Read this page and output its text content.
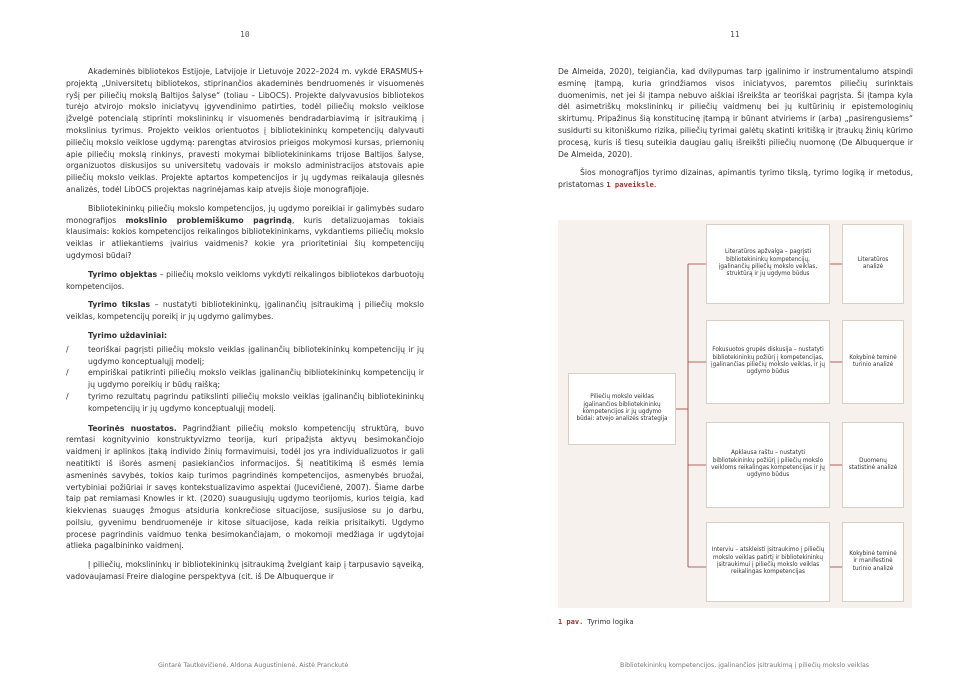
10

Akademinės bibliotekos Estijoje, Latvijoje ir Lietuvoje 2022–2024 m. vykdė ERASMUS+ projektą „Universitetų bibliotekos, stiprinančios akademinės bendruomenės ir visuomenės ryšį per piliečių mokslą Baltijos šalyse“ (toliau – LibOCS). Projekte dalyvavusios bibliotekos turėjo atvirojo mokslo iniciatyvų įgyvendinimo patirties, todėl piliečių mokslo veiklose įžvelgė potencialą stiprinti mokslininkų ir visuomenės bendradarbiavimą ir įsitraukimą į mokslinius tyrimus. Projekto veiklos orientuotos į bibliotekininkų kompetencijų dalyvauti piliečių mokslo veiklose ugdymą: parengtas atvirosios prieigos mokymosi kursas, priemonių apie piliečių mokslą rinkinys, pravesti mokymai bibliotekininkams trijose Baltijos šalyse, organizuotos diskusijos su universitetų vadovais ir mokslo administracijos atstovais apie piliečių mokslo veiklas. Projekte aptartos kompetencijos ir jų ugdymas reikalauja gilesnės analizės, todėl LibOCS projektas nagrinėjamas kaip atvejis šioje monografijoje.

Bibliotekininkų piliečių mokslo kompetencijos, jų ugdymo poreikiai ir galimybės sudaro monografijos mokslinio problemiškumo pagrindą, kuris detalizuojamas tokiais klausimais: kokios kompetencijos reikalingos bibliotekininkams, vykdantiems piliečių mokslo veiklas ir atliekantiems įvairius vaidmenis? kokie yra prioritetiniai šių kompetencijų ugdymosi būdai?

Tyrimo objektas – piliečių mokslo veikloms vykdyti reikalingos bibliotekos darbuotojų kompetencijos.

Tyrimo tikslas – nustatyti bibliotekininkų, įgalinančių įsitraukimą į piliečių mokslo veiklas, kompetencijų poreikį ir jų ugdymo galimybes.

Tyrimo uždaviniai:

/	teoriškai pagrįsti piliečių mokslo veiklas įgalinančių bibliotekininkų kompetencijų ir jų ugdymo konceptualųjį modelį;
/	empiriškai patikrinti piliečių mokslo veiklas įgalinančių bibliotekininkų kompetencijų ir jų ugdymo poreikių ir būdų raišką;
/	tyrimo rezultatų pagrindu patikslinti piliečių mokslo veiklas įgalinančių bibliotekininkų kompetencijų ir jų ugdymo konceptualųjį modelį.

Teorinės nuostatos. Pagrindžiant piliečių mokslo kompetencijų struktūrą, buvo remtasi kognityvinio konstruktyvizmo teorija, kuri pripažįsta aktyvų besimokančiojo vaidmenį ir aplinkos įtaką individo žinių formavimuisi, todėl jos yra individualizuotos ir gali neatitikti iš išorės asmenį pasiekiančios informacijos. Šį neatitikimą iš esmės lemia asmeninės savybės, tokios kaip turimos pagrindinės kompetencijos, asmenybės bruožai, vertybiniai požiūriai ir savęs kontekstualizavimo aspektai (Jucevičienė, 2007). Šiame darbe taip pat remiamasi Knowles ir kt. (2020) suaugusiųjų ugdymo teorijomis, kurios teigia, kad kiekvienas suaugęs žmogus atsiduria konkrečiose situacijose, susijusiose su jo darbu, poilsiu, gyvenimu bendruomenėje ir kitose situacijose, kada reikia prisitaikyti. Ugdymo procese pagrindinis vaidmuo tenka besimokančiajam, o mokomoji medžiaga ir ugdytojai atlieka pagalbininko vaidmenį.

Į piliečių, mokslininkų ir bibliotekininkų įsitraukimą žvelgiant kaip į tarpusavio sąveiką, vadovaujamasi Freire dialogine perspektyva (cit. iš De Albuquerque ir

Gintarė Tautkevičienė, Aldona Augustinienė, Aistė Pranckutė
11

De Almeida, 2020), teigiančia, kad dvilypumas tarp įgalinimo ir instrumentalumo atspindi esminę įtampą, kuria grindžiamos visos iniciatyvos, paremtos piliečių surinktais duomenimis, net jei ši įtampa nebuvo aiškiai išreikšta ar teoriškai pagrįsta. Ši įtampa kyla dėl asimetriškų mokslininkų ir piliečių vaidmenų bei jų kultūrinių ir epistemologinių skirtumų. Pripažinus šią konstitucinę įtampą ir būnant atviriems ir (arba) „pasirengusiems“ susidurti su kitoniškumo rizika, piliečių tyrimai galėtų skatinti kritišką ir įtraukų žinių kūrimo procesą, kuris iš tiesų suteikia daugiau galių išreikšti piliečių nuomonę (De Albuquerque ir De Almeida, 2020).

Šios monografijos tyrimo dizainas, apimantis tyrimo tikslą, tyrimo logiką ir metodus, pristatomas 1 paveiksle.

Bibliotekininkų kompetencijos, įgalinančios įsitraukimą į piliečių mokslo veiklas
Piliečių mokslo veiklas įgalinančios bibliotekininkų kompetencijos ir jų ugdymo būdai: atvejo analizės strategija
Literatūros apžvalga – pagrįsti bibliotekininkų kompetencijų, įgalinančių piliečių mokslo veiklas, struktūrą ir jų ugdymo būdus
Fokusuotos grupės diskusija – nustatyti bibliotekininkų požiūrį į kompetencijas, įgalinančias piliečių mokslo veiklas, ir jų ugdymo būdus
Apklausa raštu – nustatyti bibliotekininkų požiūrį į piliečių mokslo veikloms reikalingas kompetencijas ir jų ugdymo būdus
Interviu – atskleisti įsitraukimo į piliečių mokslo veiklas patirtį ir bibliotekininkų įsitraukimui į piliečių mokslo veiklas reikalingas kompetencijas
Literatūros analizė
Kokybinė teminė turinio analizė
Duomenų statistinė analizė
Kokybinė teminė ir manifestinė turinio analizė
1 pav. Tyrimo logika
